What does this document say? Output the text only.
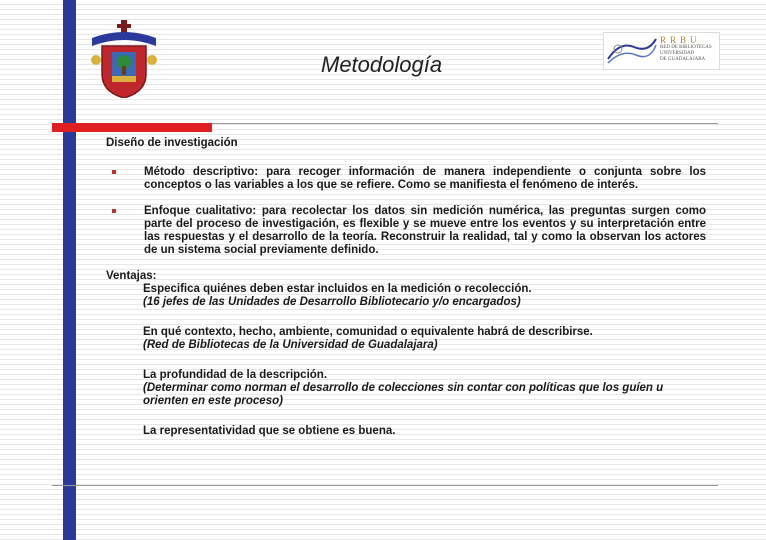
Metodología
RRBU
RED DE BIBLIOTECAS
UNIVERSIDAD
DE GUADALAJARA
Diseño de investigación
Método descriptivo: para recoger información de manera independiente o conjunta sobre los conceptos o las variables a los que se refiere. Como se manifiesta el fenómeno de interés.
Enfoque cualitativo: para recolectar los datos sin medición numérica, las preguntas surgen como parte del proceso de investigación, es flexible y se mueve entre los eventos y su interpretación entre las respuestas y el desarrollo de la teoría. Reconstruir la realidad, tal y como la observan los actores de un sistema social previamente definido.
Ventajas:
Especifica quiénes deben estar incluidos en la medición o recolección.
(16 jefes de las Unidades de Desarrollo Bibliotecario y/o encargados)
En qué contexto, hecho, ambiente, comunidad o equivalente habrá de describirse.
(Red de Bibliotecas de la Universidad de Guadalajara)
La profundidad de la descripción.
(Determinar como norman el desarrollo de colecciones sin contar con políticas que los guíen u orienten en este proceso)
La representatividad que se obtiene es buena.
